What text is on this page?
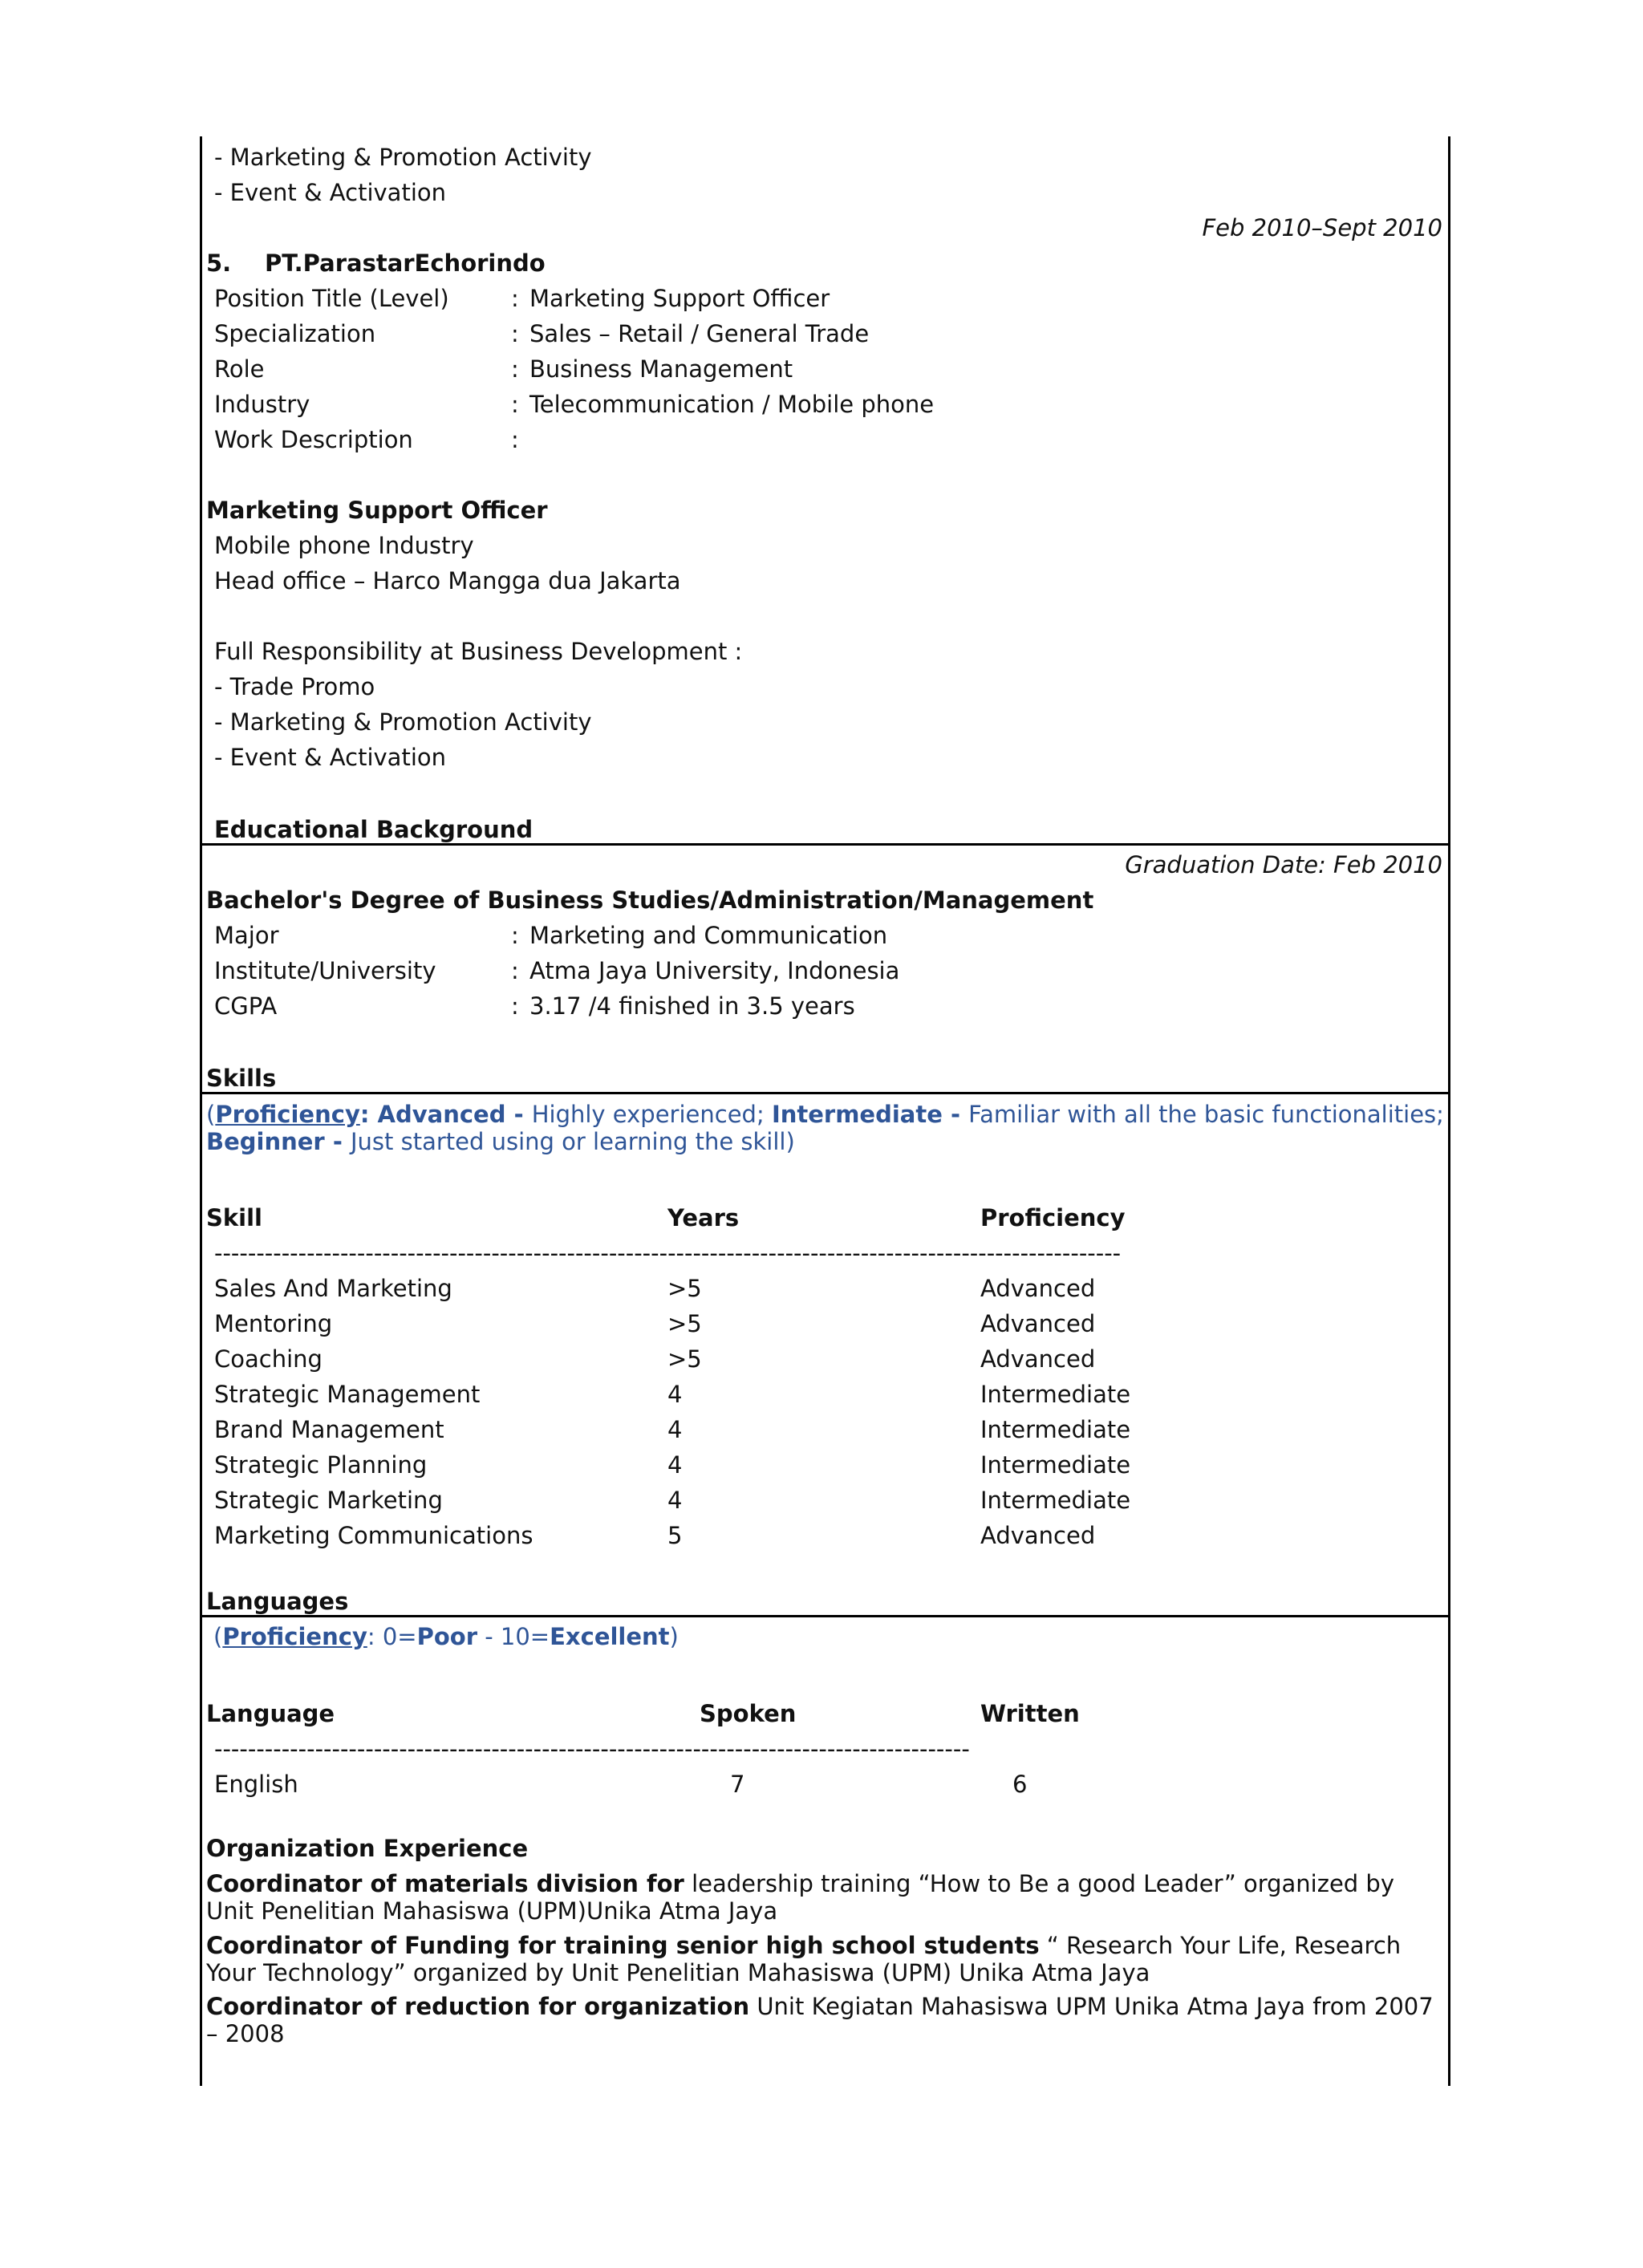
- Marketing & Promotion Activity
- Event & Activation
Feb 2010–Sept 2010
5. PT.ParastarEchorindo
Position Title (Level)	: Marketing Support Officer
Specialization	: Sales – Retail / General Trade
Role	: Business Management
Industry	: Telecommunication / Mobile phone
Work Description	:
Marketing Support Officer
Mobile phone Industry
Head office – Harco Mangga dua Jakarta
Full Responsibility at Business Development :
- Trade Promo
- Marketing & Promotion Activity
- Event & Activation
Educational Background
Graduation Date: Feb 2010
Bachelor's Degree of Business Studies/Administration/Management
Major	: Marketing and Communication
Institute/University	: Atma Jaya University, Indonesia
CGPA	: 3.17 /4 finished in 3.5 years
Skills
(Proficiency: Advanced - Highly experienced; Intermediate - Familiar with all the basic functionalities; Beginner - Just started using or learning the skill)
Skill	Years	Proficiency
------------------------------------------------------------------------------------------------------------
Sales And Marketing	>5	Advanced
Mentoring	>5	Advanced
Coaching	>5	Advanced
Strategic Management	4	Intermediate
Brand Management	4	Intermediate
Strategic Planning	4	Intermediate
Strategic Marketing	4	Intermediate
Marketing Communications	5	Advanced
Languages
(Proficiency: 0=Poor - 10=Excellent)
Language	Spoken	Written
------------------------------------------------------------------------------------------
English	7	6
Organization Experience
Coordinator of materials division for leadership training “How to Be a good Leader” organized by Unit Penelitian Mahasiswa (UPM)Unika Atma Jaya
Coordinator of Funding for training senior high school students “ Research Your Life, Research Your Technology” organized by Unit Penelitian Mahasiswa (UPM) Unika Atma Jaya
Coordinator of reduction for organization Unit Kegiatan Mahasiswa UPM Unika Atma Jaya from 2007 – 2008
